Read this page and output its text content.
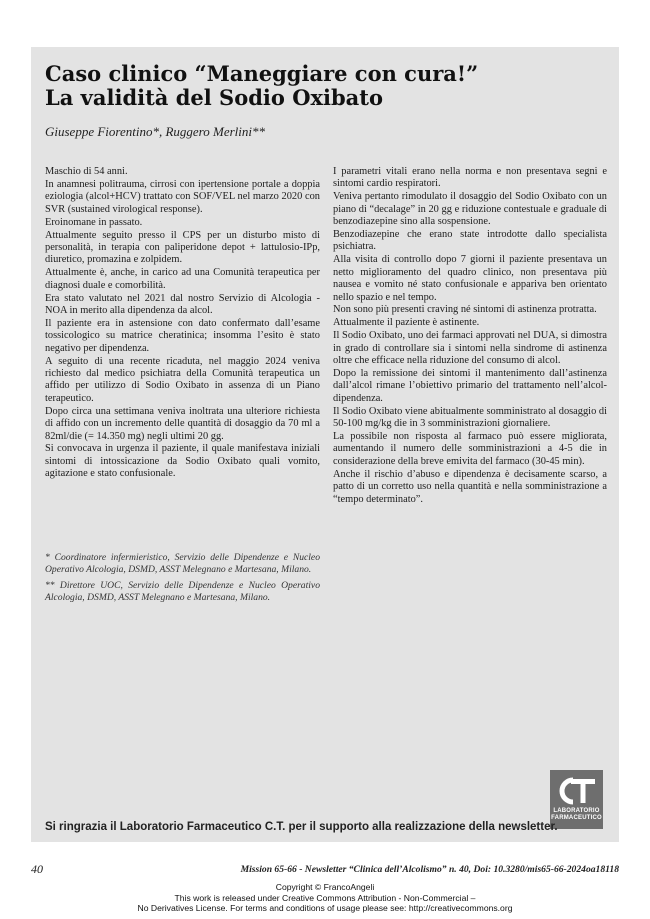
Caso clinico “Maneggiare con cura!”
La validità del Sodio Oxibato
Giuseppe Fiorentino*, Ruggero Merlini**

Maschio di 54 anni.

In anamnesi politrauma, cirrosi con ipertensione portale a doppia eziologia (alcol+HCV) trattato con SOF/VEL nel marzo 2020 con SVR (sustained virological response).

Eroinomane in passato.

Attualmente seguito presso il CPS per un disturbo misto di personalità, in terapia con paliperidone depot + lattulosio-IPp, diuretico, promazina e zolpidem.

Attualmente è, anche, in carico ad una Comunità terapeutica per diagnosi duale e comorbilità.

Era stato valutato nel 2021 dal nostro Servizio di Alcologia - NOA in merito alla dipendenza da alcol.

Il paziente era in astensione con dato confermato dall’esame tossicologico su matrice cheratinica; insomma l’esito è stato negativo per dipendenza.

A seguito di una recente ricaduta, nel maggio 2024 veniva richiesto dal medico psichiatra della Comunità terapeutica un affido per utilizzo di Sodio Oxibato in assenza di un Piano terapeutico.

Dopo circa una settimana veniva inoltrata una ulteriore richiesta di affido con un incremento delle quantità di dosaggio da 70 ml a 82ml/die (= 14.350 mg) negli ultimi 20 gg.

Si convocava in urgenza il paziente, il quale manifestava iniziali sintomi di intossicazione da Sodio Oxibato quali vomito, agitazione e stato confusionale.

* Coordinatore infermieristico, Servizio delle Dipendenze e Nucleo Operativo Alcologia, DSMD, ASST Melegnano e Martesana, Milano.

** Direttore UOC, Servizio delle Dipendenze e Nucleo Operativo Alcologia, DSMD, ASST Melegnano e Martesana, Milano.

I parametri vitali erano nella norma e non presentava segni e sintomi cardio respiratori.

Veniva pertanto rimodulato il dosaggio del Sodio Oxibato con un piano di “decalage” in 20 gg e riduzione contestuale e graduale di benzodiazepine sino alla sospensione.

Benzodiazepine che erano state introdotte dallo specialista psichiatra.

Alla visita di controllo dopo 7 giorni il paziente presentava un netto miglioramento del quadro clinico, non presentava più nausea e vomito né stato confusionale e appariva ben orientato nello spazio e nel tempo.

Non sono più presenti craving né sintomi di astinenza protratta.

Attualmente il paziente è astinente.

Il Sodio Oxibato, uno dei farmaci approvati nel DUA, si dimostra in grado di controllare sia i sintomi nella sindrome di astinenza oltre che efficace nella riduzione del consumo di alcol.

Dopo la remissione dei sintomi il mantenimento dall’astinenza dall’alcol rimane l’obiettivo primario del trattamento nell’alcol-dipendenza.

Il Sodio Oxibato viene abitualmente somministrato al dosaggio di 50-100 mg/kg die in 3 somministrazioni giornaliere.

La possibile non risposta al farmaco può essere migliorata, aumentando il numero delle somministrazioni a 4-5 die in considerazione della breve emivita del farmaco (30-45 min).

Anche il rischio d’abuso e dipendenza è decisamente scarso, a patto di un corretto uso nella quantità e nella somministrazione a “tempo determinato”.

LABORATORIO
FARMACEUTICO
Si ringrazia il Laboratorio Farmaceutico C.T. per il supporto alla realizzazione della newsletter.
40	Mission 65-66 - Newsletter “Clinica dell’Alcolismo” n. 40, Doi: 10.3280/mis65-66-2024oa18118
Copyright © FrancoAngeli
This work is released under Creative Commons Attribution - Non-Commercial –
No Derivatives License. For terms and conditions of usage please see: http://creativecommons.org
